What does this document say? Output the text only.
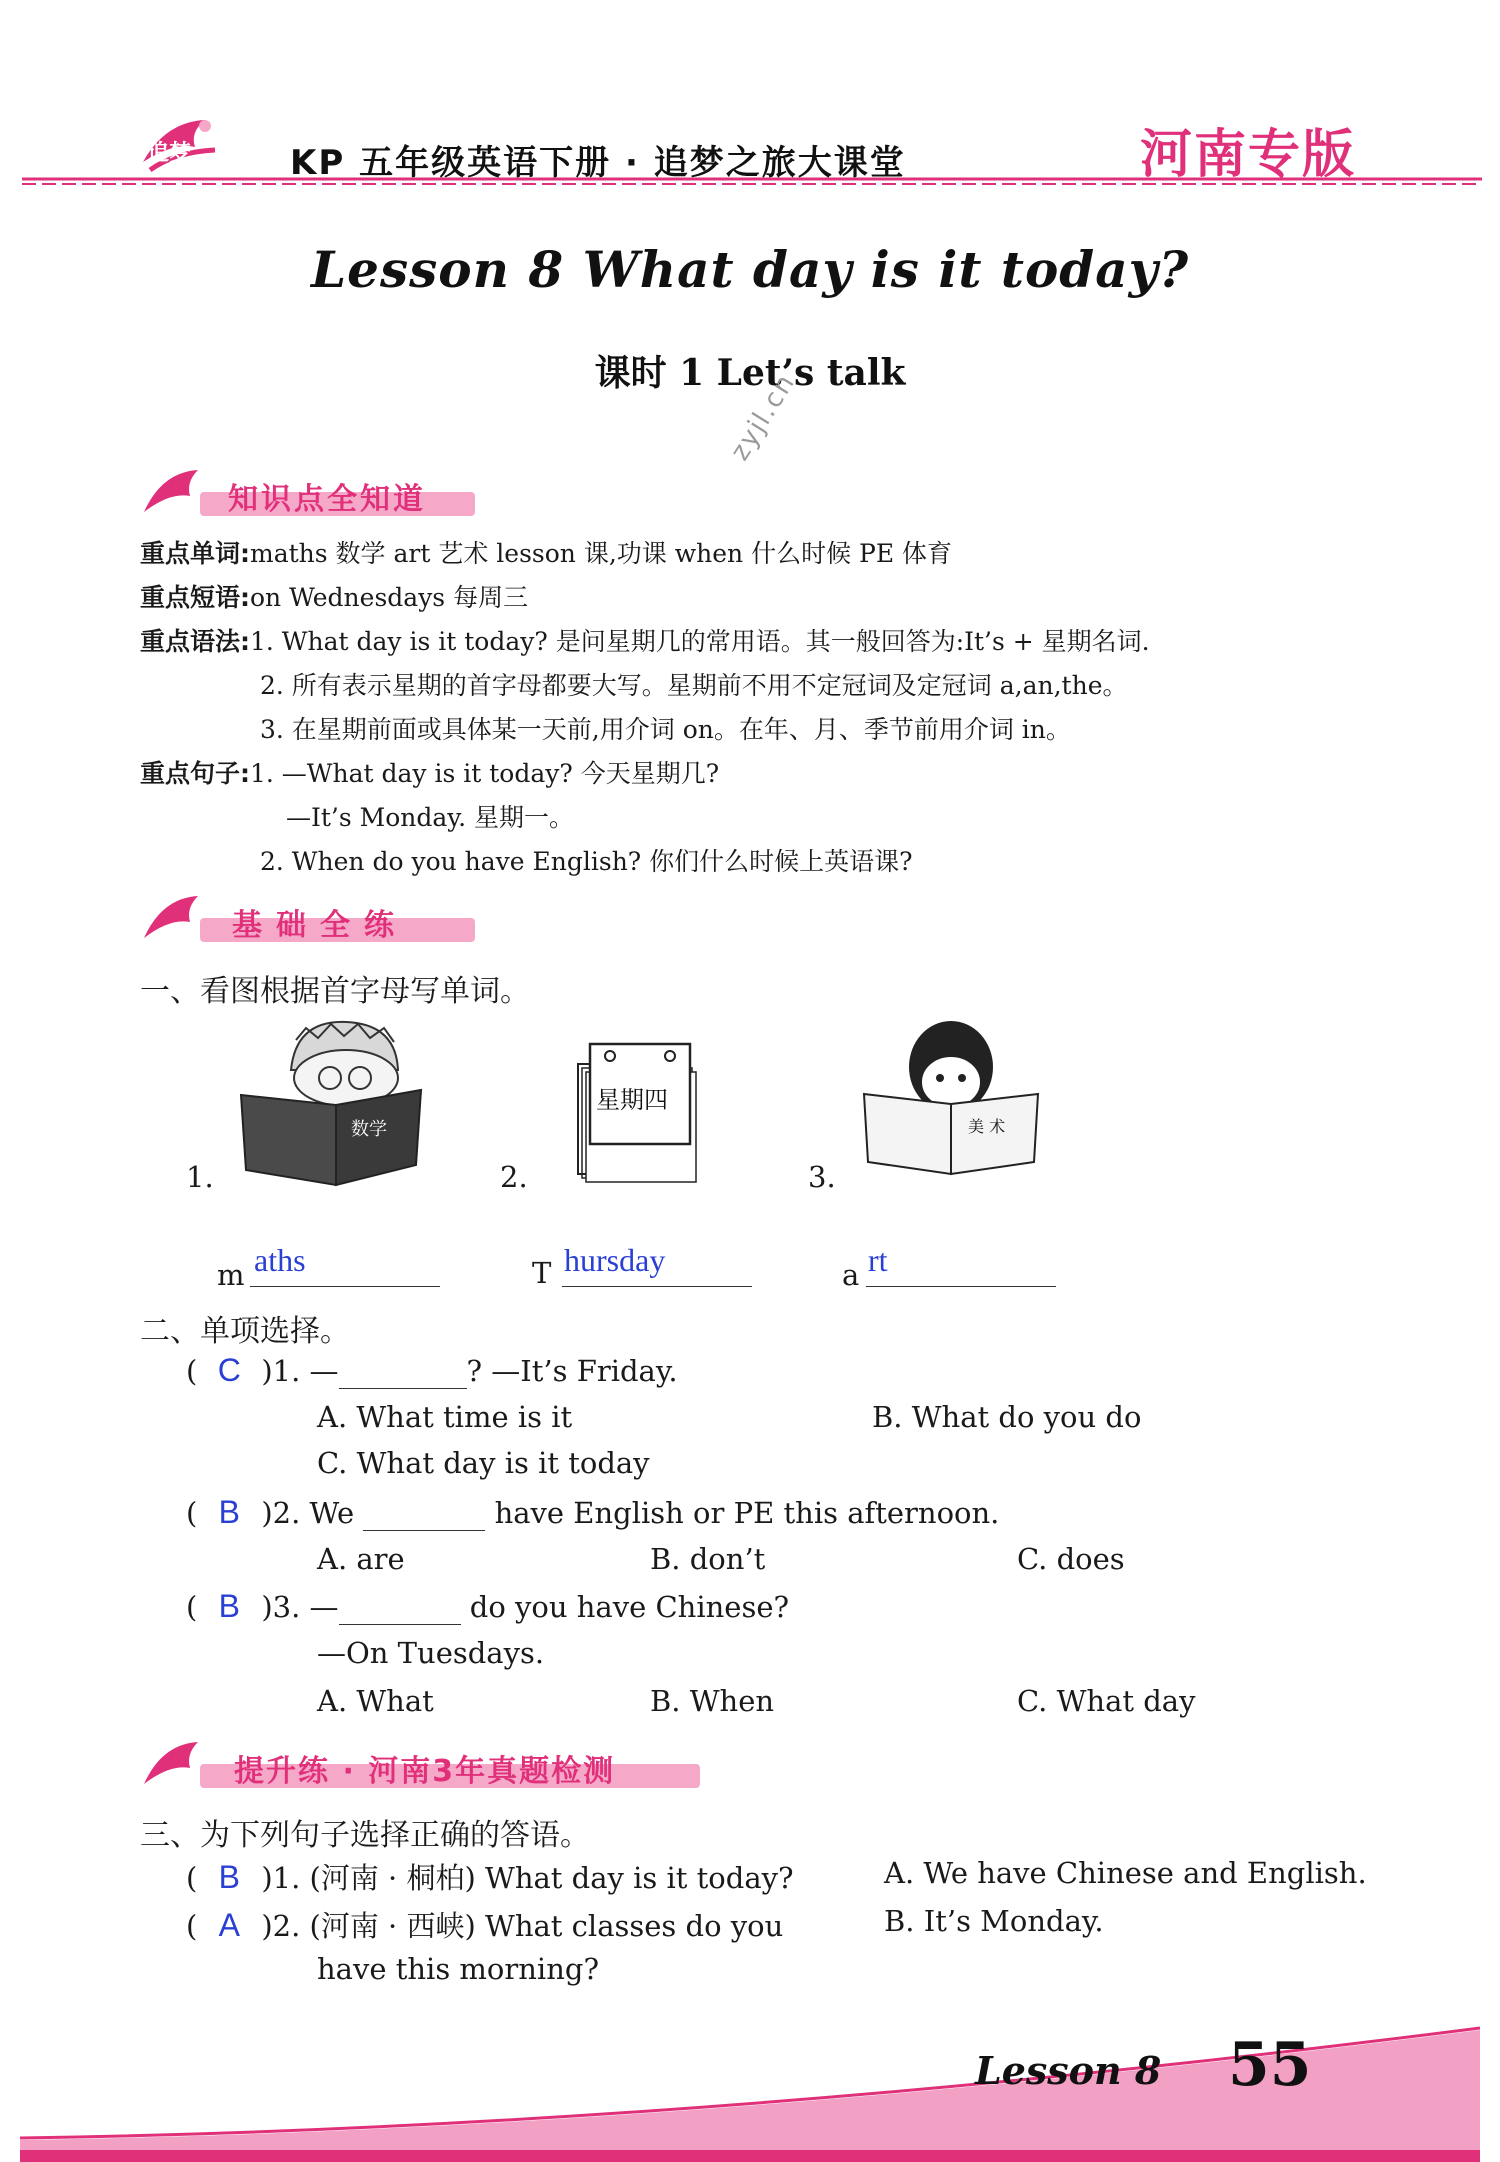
追梦	KP 五年级英语下册 · 追梦之旅大课堂	河南专版
Lesson 8 What day is it today?
课时 1 Let’s talk
zyjl.cn
知识点全知道
重点单词:maths 数学 art 艺术 lesson 课,功课 when 什么时候 PE 体育
重点短语:on Wednesdays 每周三
重点语法:1. What day is it today? 是问星期几的常用语。其一般回答为:It’s + 星期名词.
2. 所有表示星期的首字母都要大写。星期前不用不定冠词及定冠词 a,an,the。
3. 在星期前面或具体某一天前,用介词 on。在年、月、季节前用介词 in。
重点句子:1. —What day is it today? 今天星期几?
—It’s Monday. 星期一。
2. When do you have English? 你们什么时候上英语课?
基础全练
一、看图根据首字母写单词。
1.
数学
2.
星期四
3.
美 术
m aths	T hursday	a rt
二、单项选择。
( C )1. —	? —It’s Friday.
A. What time is it	B. What do you do
C. What day is it today
( B )2. We	have English or PE this afternoon.
A. are	B. don’t	C. does
( B )3. —	do you have Chinese?
—On Tuesdays.
A. What	B. When	C. What day
提升练 · 河南3年真题检测
三、为下列句子选择正确的答语。
( B )1. (河南 · 桐柏) What day is it today?	A. We have Chinese and English.
( A )2. (河南 · 西峡) What classes do you
have this morning?
B. It’s Monday.
Lesson 8 55
